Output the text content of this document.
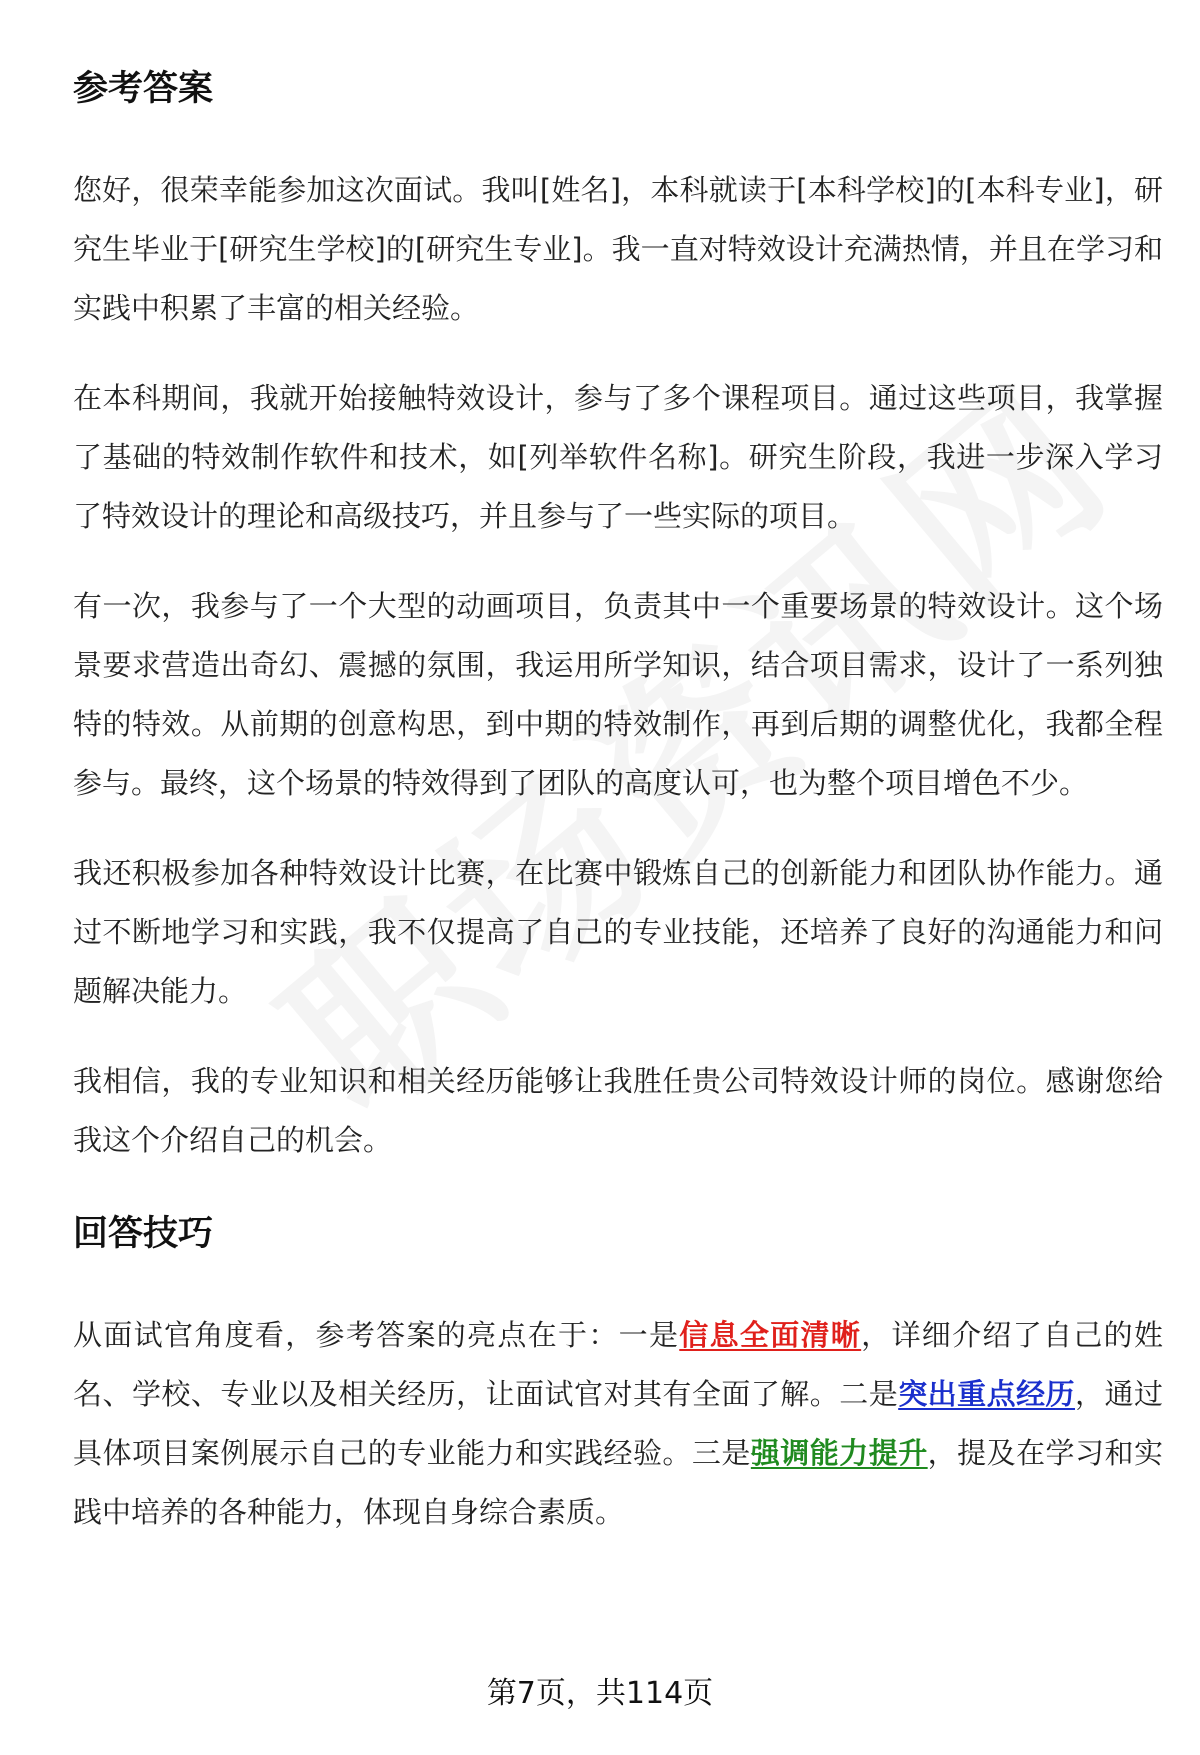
参考答案

您好，很荣幸能参加这次面试。我叫[姓名]，本科就读于[本科学校]的[本科专业]，研究生毕业于[研究生学校]的[研究生专业]。我一直对特效设计充满热情，并且在学习和实践中积累了丰富的相关经验。

在本科期间，我就开始接触特效设计，参与了多个课程项目。通过这些项目，我掌握了基础的特效制作软件和技术，如[列举软件名称]。研究生阶段，我进一步深入学习了特效设计的理论和高级技巧，并且参与了一些实际的项目。

有一次，我参与了一个大型的动画项目，负责其中一个重要场景的特效设计。这个场景要求营造出奇幻、震撼的氛围，我运用所学知识，结合项目需求，设计了一系列独特的特效。从前期的创意构思，到中期的特效制作，再到后期的调整优化，我都全程参与。最终，这个场景的特效得到了团队的高度认可，也为整个项目增色不少。

我还积极参加各种特效设计比赛，在比赛中锻炼自己的创新能力和团队协作能力。通过不断地学习和实践，我不仅提高了自己的专业技能，还培养了良好的沟通能力和问题解决能力。

我相信，我的专业知识和相关经历能够让我胜任贵公司特效设计师的岗位。感谢您给我这个介绍自己的机会。

回答技巧

从面试官角度看，参考答案的亮点在于：一是信息全面清晰，详细介绍了自己的姓名、学校、专业以及相关经历，让面试官对其有全面了解。二是突出重点经历，通过具体项目案例展示自己的专业能力和实践经验。三是强调能力提升，提及在学习和实践中培养的各种能力，体现自身综合素质。

第7页，共114页
